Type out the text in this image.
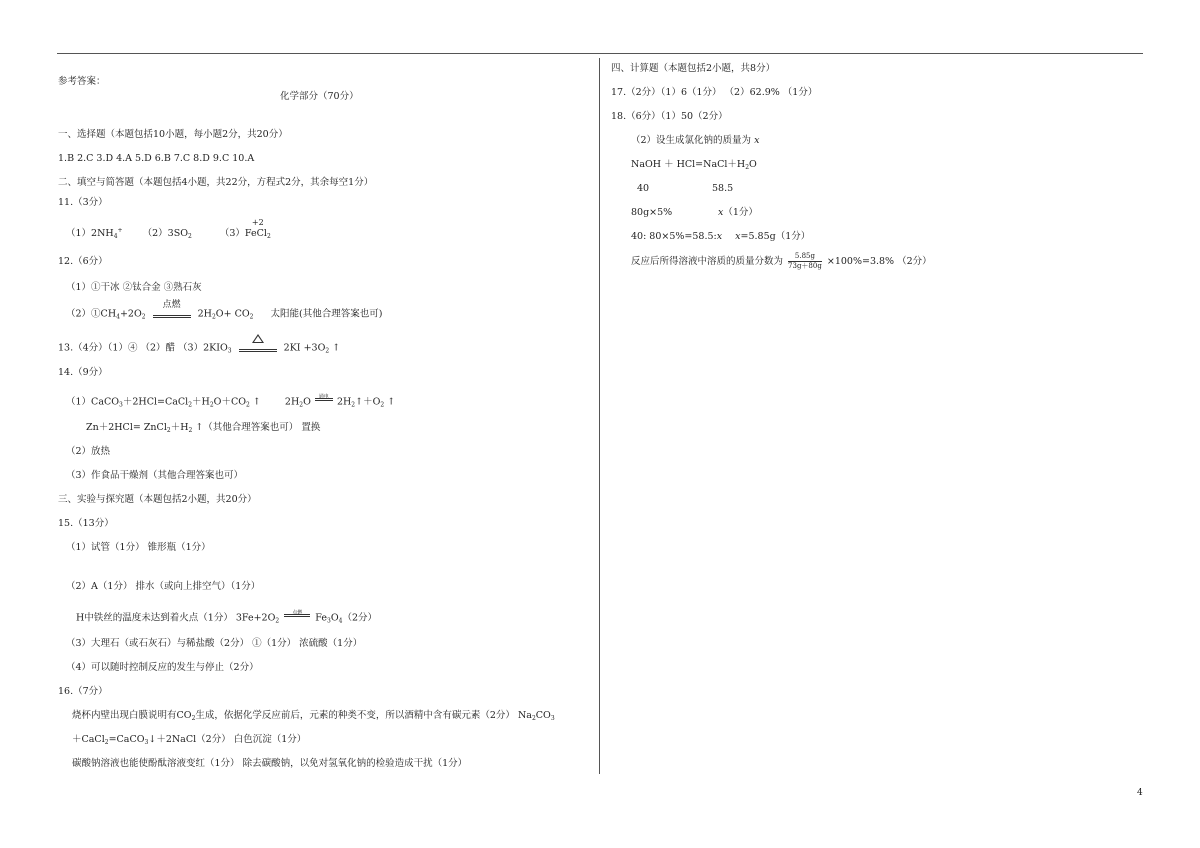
参考答案：
化学部分（70分）
一、选择题（本题包括10小题，每小题2分，共20分）
1.B 2.C 3.D 4.A 5.D 6.B 7.C 8.D 9.C 10.A
二、填空与简答题（本题包括4小题，共22分，方程式2分，其余每空1分）
11.（3分）
$(1)2NH_4^+$ $(2)3SO_2$
+2
（3）FeCl$_2$
12.（6分）
（1）①干冰 ②钛合金 ③熟石灰
$(2)①CH_4+2O_2$
点燃
$2H_2O+ CO_2$ 太阳能(其他合理答案也可)
13.（4分）（1）④ （2）醋 $(3)2KIO_3$	$2KI +3O_2$ ↑
14.（9分）
$(1)CaCO_3+2HCl=CaCl_2+H_2O+CO_2$ ↑	$2H_2O$	通电 $2H_2↑+O_2$ ↑
$Zn+2HCl= ZnCl_2+H_2$ ↑（其他合理答案也可） 置换
（2）放热
（3）作食品干燥剂（其他合理答案也可）
三、实验与探究题（本题包括2小题，共20分）
15.（13分）
（1）试管（1分） 锥形瓶（1分）
（2）A（1分） 排水（或向上排空气）（1分）
H中铁丝的温度未达到着火点（1分） $3Fe+2O_2$
点燃	$Fe_3O_4(2$分）
（3）大理石（或石灰石）与稀盐酸（2分） ①（1分） 浓硫酸（1分）
（4）可以随时控制反应的发生与停止（2分）
16.（7分）
烧杯内壁出现白膜说明有$CO_2$生成，依据化学反应前后，元素的种类不变，所以酒精中含有碳元素（2分） $Na_2CO_3$
＋CaCl$_2$=CaCO$_3$↓＋2NaCl（2分） 白色沉淀（1分）
碳酸钠溶液也能使酚酞溶液变红（1分） 除去碳酸钠，以免对氢氧化钠的检验造成干扰（1分）
四、计算题（本题包括2小题，共8分）
17.（2分）（1）6（1分） （2）62.9% （1分）
18.（6分）（1）50（2分）
（2）设生成氯化钠的质量为 x
NaOH ＋ $HCl=NaCl+H_2O$
40	58.5
80g×5%	x（1分）
40: 80×5%=58.5:x x=5.85g（1分）
反应后所得溶液中溶质的质量分数为 $\frac{5.85g}{73g+80g} \times 100\%=3.8\%$ （2分）
4
